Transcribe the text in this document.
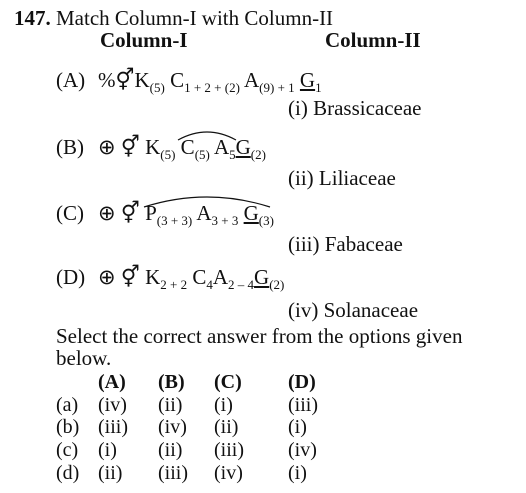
147. Match Column-I with Column-II
Column-I	Column-II
(A) $\%⚥K_{(5)}$ $C_{1 + 2 + (2)}$ $A_{(9) + 1}$ $G_1$
(i) Brassicaceae
(B) ⊕ ⚥ $K_{(5)}$ $C_{(5)}$ $A_5G_{(2)}$
(ii) Liliaceae
(C) ⊕ ⚥ $P_{(3 + 3)}$ $A_{3 + 3}$ $G_{(3)}$
(iii) Fabaceae
(D) ⊕ ⚥ $K_{2 + 2}$ $C_4A_{2 - 4}G_{(2)}$
(iv) Solanaceae
Select the correct answer from the options given
below.
(A) (B) (C) (D)
(a) (iv) (ii) (i)	(iii)
(b) (iii) (iv) (ii) (i)
(c) (i) (ii) (iii) (iv)
(d) (ii) (iii) (iv) (i)
